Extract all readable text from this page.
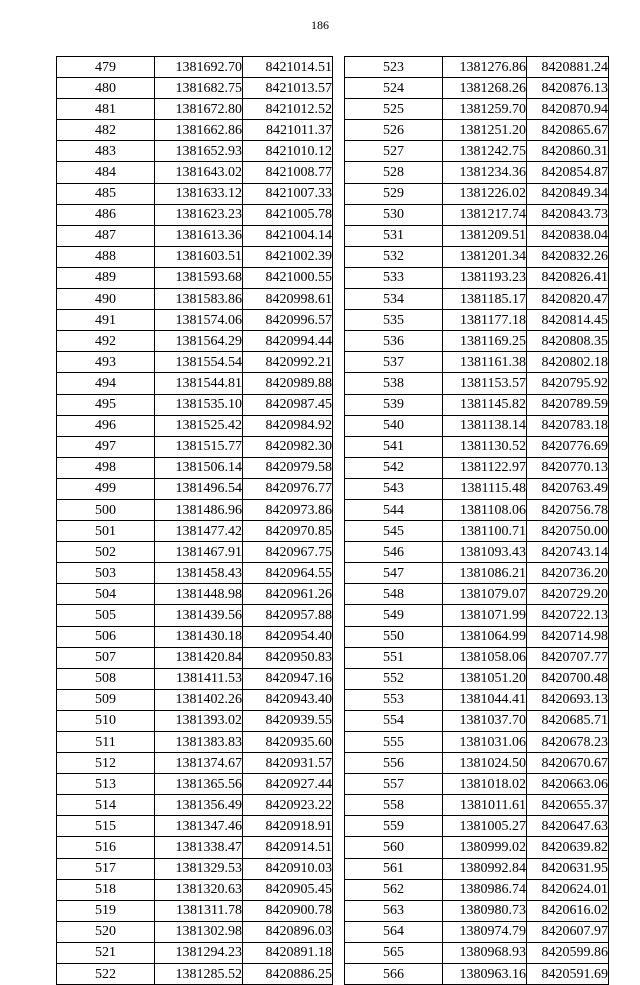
186
479	1381692.70	8421014.51
480	1381682.75	8421013.57
481	1381672.80	8421012.52
482	1381662.86	8421011.37
483	1381652.93	8421010.12
484	1381643.02	8421008.77
485	1381633.12	8421007.33
486	1381623.23	8421005.78
487	1381613.36	8421004.14
488	1381603.51	8421002.39
489	1381593.68	8421000.55
490	1381583.86	8420998.61
491	1381574.06	8420996.57
492	1381564.29	8420994.44
493	1381554.54	8420992.21
494	1381544.81	8420989.88
495	1381535.10	8420987.45
496	1381525.42	8420984.92
497	1381515.77	8420982.30
498	1381506.14	8420979.58
499	1381496.54	8420976.77
500	1381486.96	8420973.86
501	1381477.42	8420970.85
502	1381467.91	8420967.75
503	1381458.43	8420964.55
504	1381448.98	8420961.26
505	1381439.56	8420957.88
506	1381430.18	8420954.40
507	1381420.84	8420950.83
508	1381411.53	8420947.16
509	1381402.26	8420943.40
510	1381393.02	8420939.55
511	1381383.83	8420935.60
512	1381374.67	8420931.57
513	1381365.56	8420927.44
514	1381356.49	8420923.22
515	1381347.46	8420918.91
516	1381338.47	8420914.51
517	1381329.53	8420910.03
518	1381320.63	8420905.45
519	1381311.78	8420900.78
520	1381302.98	8420896.03
521	1381294.23	8420891.18
522	1381285.52	8420886.25
523	1381276.86	8420881.24
524	1381268.26	8420876.13
525	1381259.70	8420870.94
526	1381251.20	8420865.67
527	1381242.75	8420860.31
528	1381234.36	8420854.87
529	1381226.02	8420849.34
530	1381217.74	8420843.73
531	1381209.51	8420838.04
532	1381201.34	8420832.26
533	1381193.23	8420826.41
534	1381185.17	8420820.47
535	1381177.18	8420814.45
536	1381169.25	8420808.35
537	1381161.38	8420802.18
538	1381153.57	8420795.92
539	1381145.82	8420789.59
540	1381138.14	8420783.18
541	1381130.52	8420776.69
542	1381122.97	8420770.13
543	1381115.48	8420763.49
544	1381108.06	8420756.78
545	1381100.71	8420750.00
546	1381093.43	8420743.14
547	1381086.21	8420736.20
548	1381079.07	8420729.20
549	1381071.99	8420722.13
550	1381064.99	8420714.98
551	1381058.06	8420707.77
552	1381051.20	8420700.48
553	1381044.41	8420693.13
554	1381037.70	8420685.71
555	1381031.06	8420678.23
556	1381024.50	8420670.67
557	1381018.02	8420663.06
558	1381011.61	8420655.37
559	1381005.27	8420647.63
560	1380999.02	8420639.82
561	1380992.84	8420631.95
562	1380986.74	8420624.01
563	1380980.73	8420616.02
564	1380974.79	8420607.97
565	1380968.93	8420599.86
566	1380963.16	8420591.69
